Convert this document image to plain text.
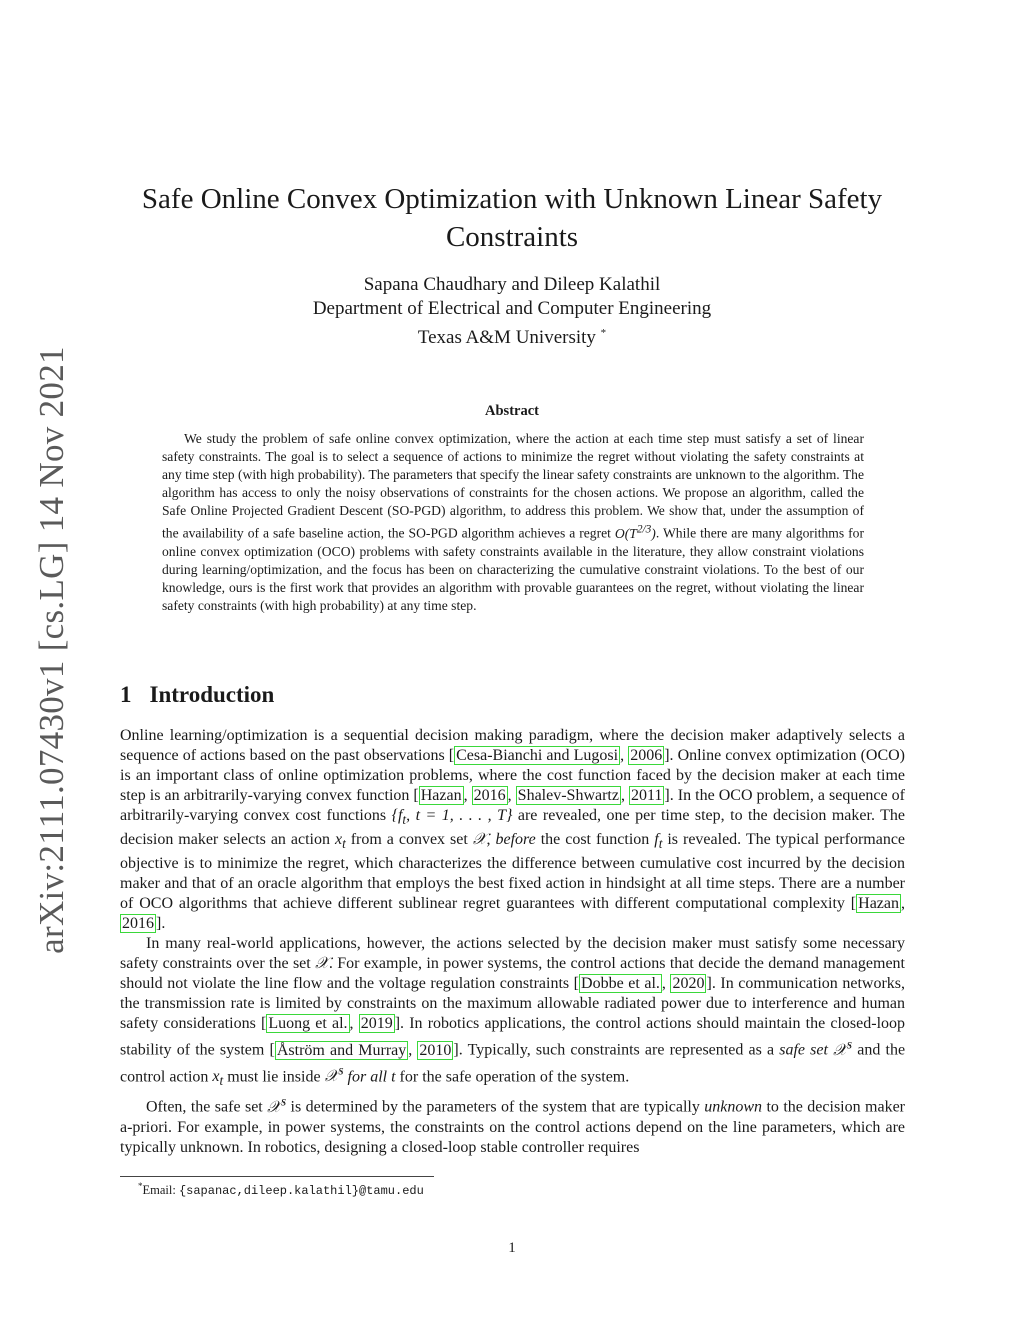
arXiv:2111.07430v1 [cs.LG] 14 Nov 2021
Safe Online Convex Optimization with Unknown Linear Safety Constraints
Sapana Chaudhary and Dileep Kalathil
Department of Electrical and Computer Engineering
Texas A&M University *
Abstract

We study the problem of safe online convex optimization, where the action at each time step must satisfy a set of linear safety constraints. The goal is to select a sequence of actions to minimize the regret without violating the safety constraints at any time step (with high probability). The parameters that specify the linear safety constraints are unknown to the algorithm. The algorithm has access to only the noisy observations of constraints for the chosen actions. We propose an algorithm, called the Safe Online Projected Gradient Descent (SO-PGD) algorithm, to address this problem. We show that, under the assumption of the availability of a safe baseline action, the SO-PGD algorithm achieves a regret $O(T^{2/3})$. While there are many algorithms for online convex optimization (OCO) problems with safety constraints available in the literature, they allow constraint violations during learning/optimization, and the focus has been on characterizing the cumulative constraint violations. To the best of our knowledge, ours is the first work that provides an algorithm with provable guarantees on the regret, without violating the linear safety constraints (with high probability) at any time step.

1 Introduction

Online learning/optimization is a sequential decision making paradigm, where the decision maker adaptively selects a sequence of actions based on the past observations [ Cesa-Bianchi and Lugosi , 2006 ]. Online convex optimization (OCO) is an important class of online optimization problems, where the cost function faced by the decision maker at each time step is an arbitrarily-varying convex function [ Hazan , 2016 , Shalev-Shwartz , 2011 ]. In the OCO problem, a sequence of arbitrarily-varying convex cost functions {$f_t$, t = 1, . . . , T} are revealed, one per time step, to the decision maker. The decision maker selects an action $x_t$ from a convex set 𝒳, before the cost function $f_t$ is revealed. The typical performance objective is to minimize the regret, which characterizes the difference between cumulative cost incurred by the decision maker and that of an oracle algorithm that employs the best fixed action in hindsight at all time steps. There are a number of OCO algorithms that achieve different sublinear regret guarantees with different computational complexity [ Hazan , 2016 ].

In many real-world applications, however, the actions selected by the decision maker must satisfy some necessary safety constraints over the set 𝒳. For example, in power systems, the control actions that decide the demand management should not violate the line flow and the voltage regulation constraints [ Dobbe et al. , 2020 ]. In communication networks, the transmission rate is limited by constraints on the maximum allowable radiated power due to interference and human safety considerations [ Luong et al. , 2019 ]. In robotics applications, the control actions should maintain the closed-loop stability of the system [ Åström and Murray , 2010 ]. Typically, such constraints are represented as a safe set 𝒳$^s$ and the control action $x_t$ must lie inside 𝒳$^s$ for all t for the safe operation of the system.

Often, the safe set 𝒳$^s$ is determined by the parameters of the system that are typically unknown to the decision maker a-priori. For example, in power systems, the constraints on the control actions depend on the line parameters, which are typically unknown. In robotics, designing a closed-loop stable controller requires

*Email: {sapanac,dileep.kalathil}@tamu.edu
1
